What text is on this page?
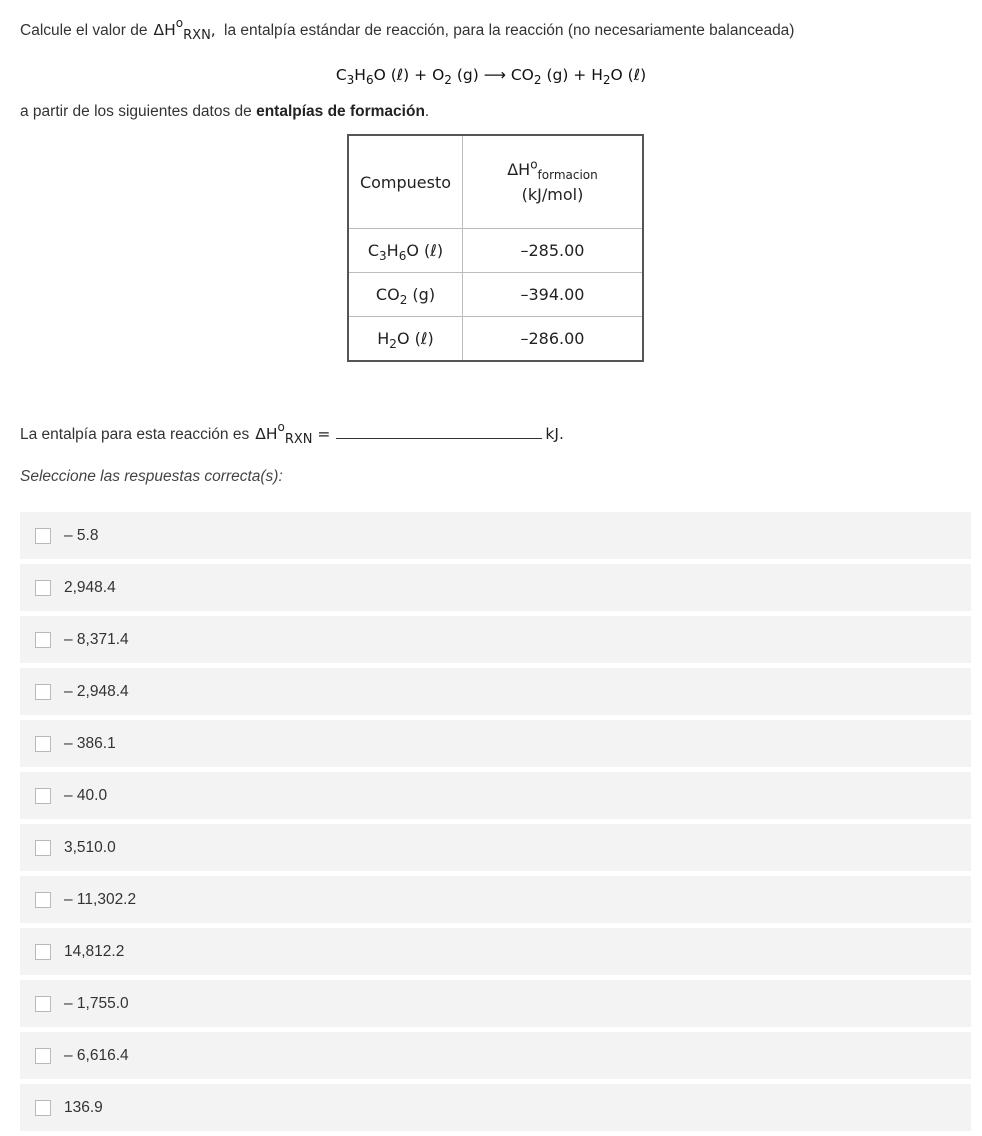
Calcule el valor de $\Delta H^o_{RXN}$, la entalpía estándar de reacción, para la reacción (no necesariamente balanceada)
$C_3H_6O$ (ℓ) + $O_2$ (g) ⟶ $CO_2$ $(g) + H_2O$ (ℓ)
a partir de los siguientes datos de entalpías de formación.
Compuesto	$\Delta H^o_{formacion}$
(kJ/mol)

$C_3H_6O$ (ℓ)	–285.00
$CO_2$ (g)	–394.00
$H_2O$ (ℓ)	–286.00
La entalpía para esta reacción es $\Delta H^o_{RXN}$ =	kJ.
Seleccione las respuestas correcta(s):
– 5.8
2,948.4
– 8,371.4
– 2,948.4
– 386.1
– 40.0
3,510.0
– 11,302.2
14,812.2
– 1,755.0
– 6,616.4
136.9
